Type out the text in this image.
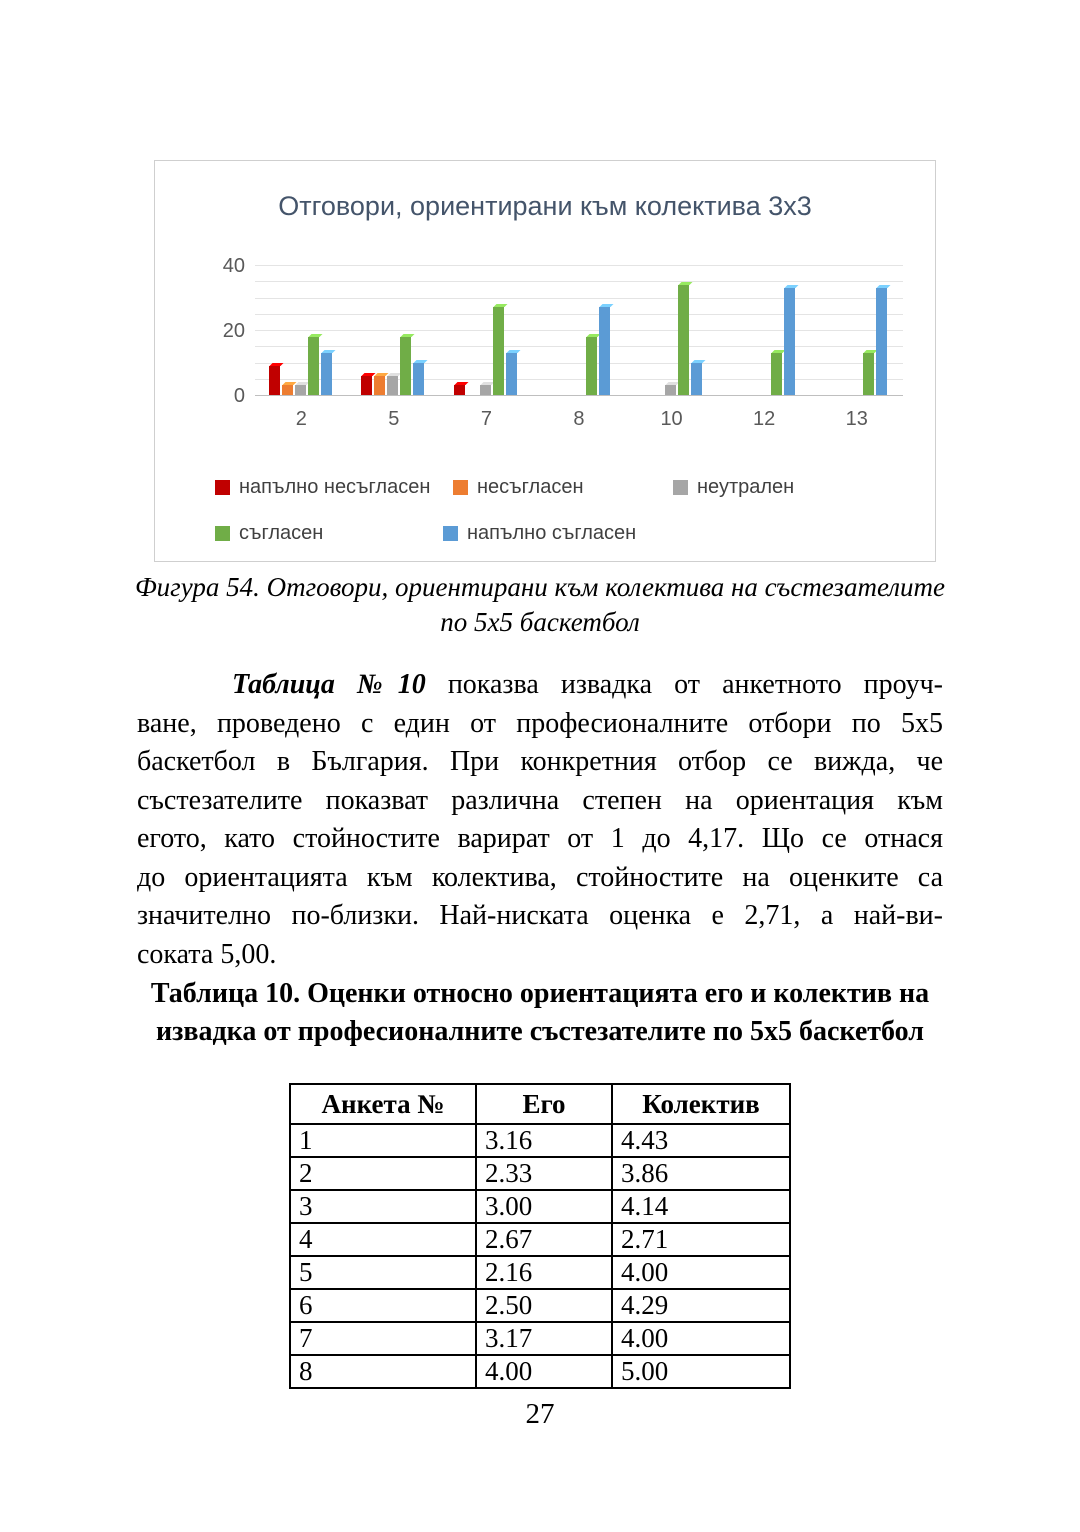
Отговори, ориентирани към колектива 3х3
0
20
40
2	5	7	8	10	12	13
напълно несъгласен несъгласен	неутрален
съгласен	напълно съгласен
Фигура 54. Отговори, ориентирани към колектива на състезателите
по 5х5 баскетбол
Таблица №10 показва извадка от анкетното проуч-
ване, проведено с един от професионалните отбори по 5х5
баскетбол в България. При конкретния отбор се вижда, че
състезателите показват различна степен на ориентация към
егото, като стойностите варират от 1 до 4,17. Що се отнася
до ориентацията към колектива, стойностите на оценките са
значително по-близки. Най-ниската оценка е 2,71, а най-ви-
соката 5,00.
Таблица 10. Оценки относно ориентацията его и колектив на
извадка от професионалните състезателите по 5х5 баскетбол
Анкета №	Его	Колектив
1	3.16	4.43
2	2.33	3.86
3	3.00	4.14
4	2.67	2.71
5	2.16	4.00
6	2.50	4.29
7	3.17	4.00
8	4.00	5.00
27
